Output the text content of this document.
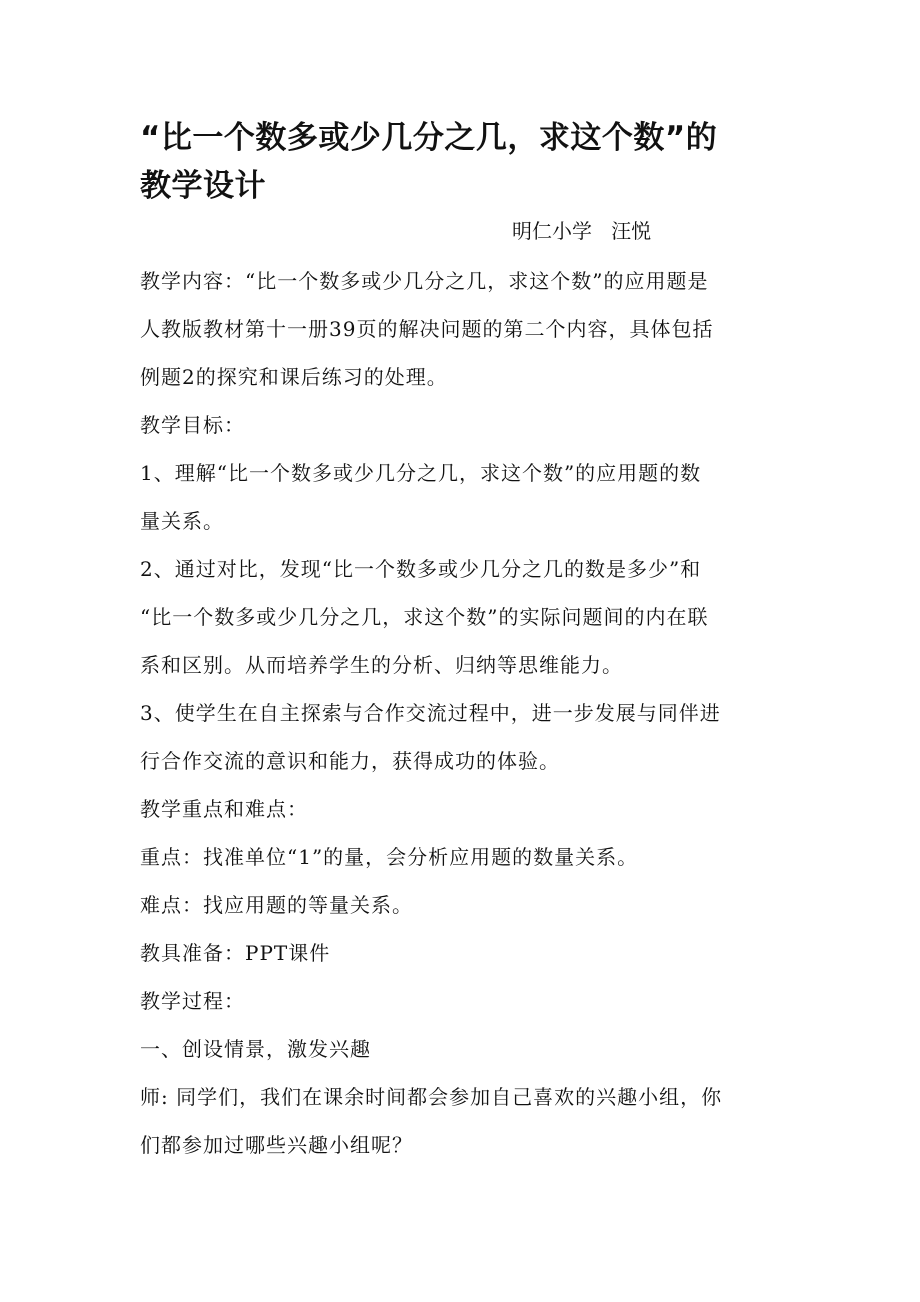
“比一个数多或少几分之几，求这个数”的
教学设计
明仁小学   汪悦
教学内容：“比一个数多或少几分之几，求这个数”的应用题是
人教版教材第十一册39页的解决问题的第二个内容，具体包括
例题2的探究和课后练习的处理。
教学目标：
1、理解“比一个数多或少几分之几，求这个数”的应用题的数
量关系。
2、通过对比，发现“比一个数多或少几分之几的数是多少”和
“比一个数多或少几分之几，求这个数”的实际问题间的内在联
系和区别。从而培养学生的分析、归纳等思维能力。
3、使学生在自主探索与合作交流过程中，进一步发展与同伴进
行合作交流的意识和能力，获得成功的体验。
教学重点和难点：
重点：找准单位“1”的量，会分析应用题的数量关系。
难点：找应用题的等量关系。
教具准备：PPT课件
教学过程：
一、创设情景，激发兴趣
师: 同学们，我们在课余时间都会参加自己喜欢的兴趣小组，你
们都参加过哪些兴趣小组呢？
